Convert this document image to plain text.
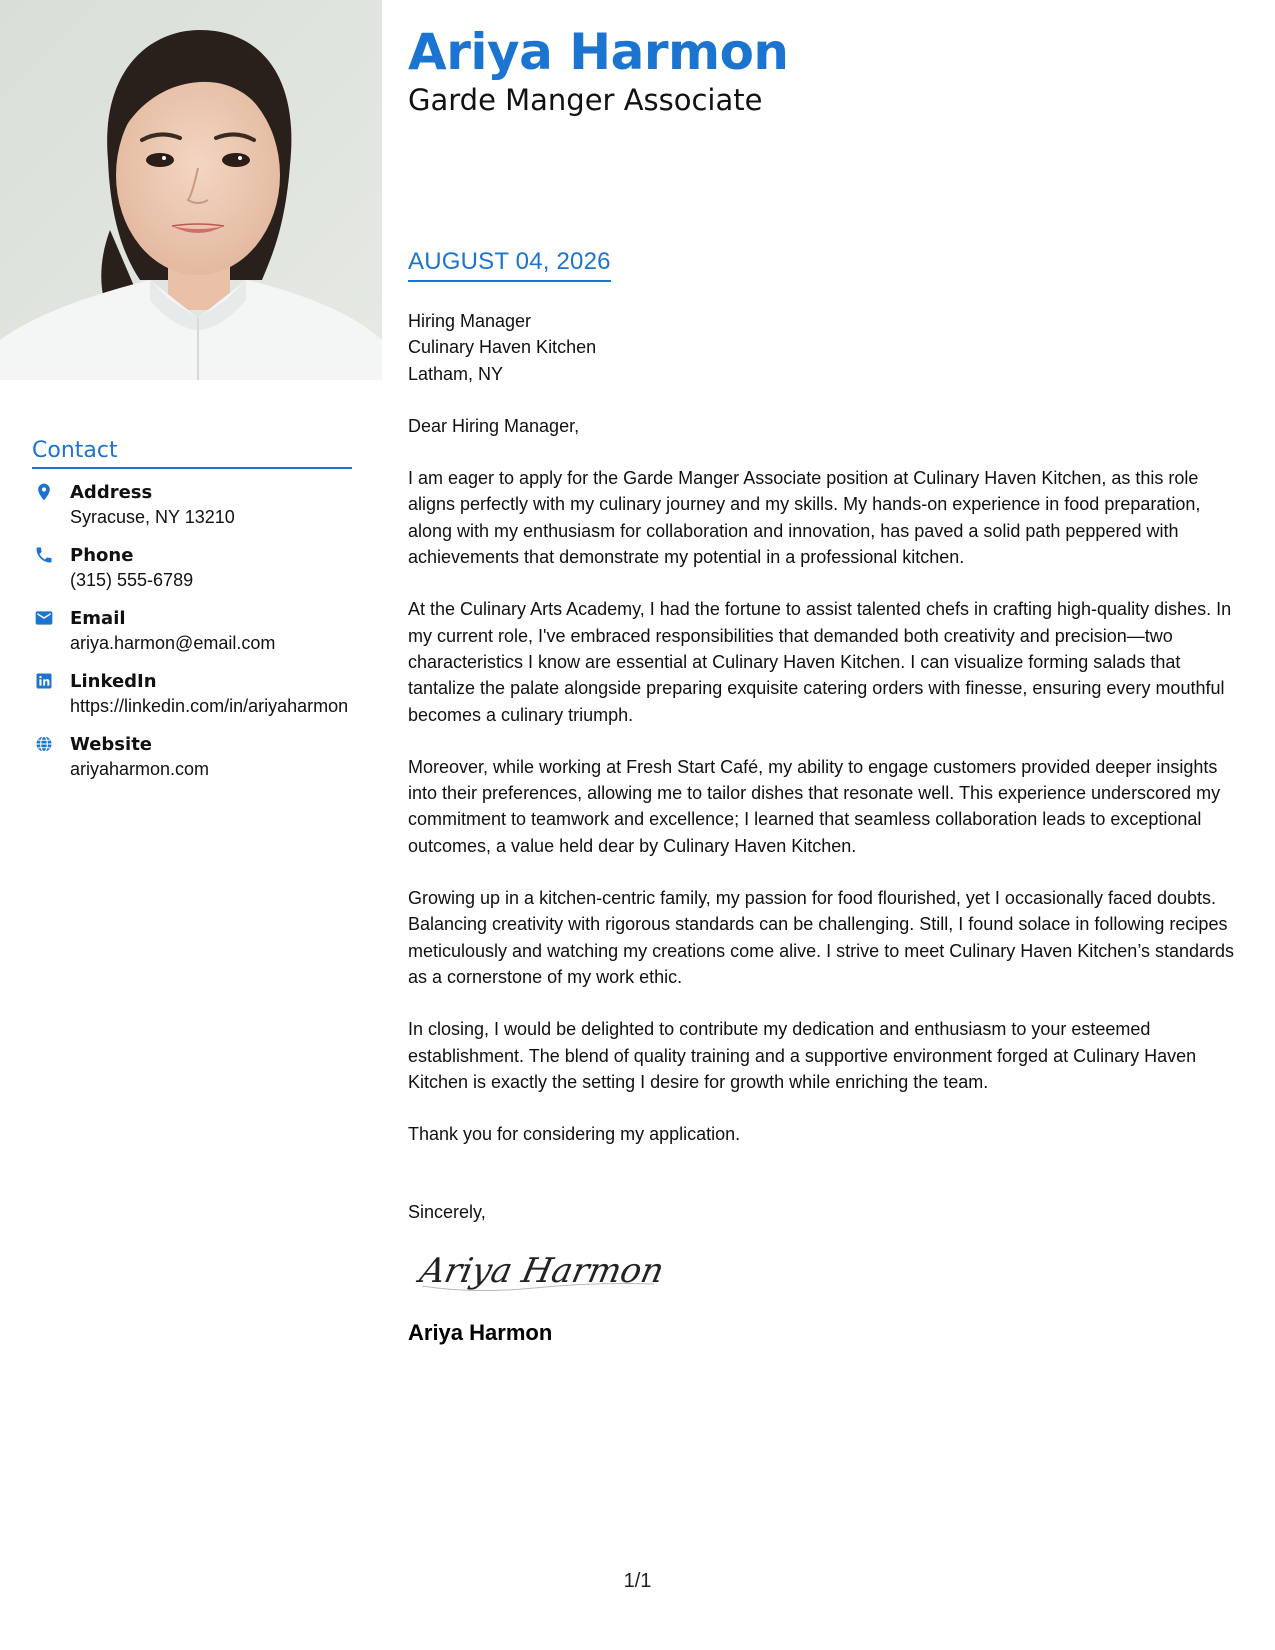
Contact
Address
Syracuse, NY 13210
Phone
(315) 555-6789
Email
ariya.harmon@email.com
LinkedIn
https://linkedin.com/in/ariyaharmon
Website
ariyaharmon.com
Ariya Harmon
Garde Manger Associate
AUGUST 04, 2026

Hiring Manager
Culinary Haven Kitchen
Latham, NY

Dear Hiring Manager,

I am eager to apply for the Garde Manger Associate position at Culinary Haven Kitchen, as this role aligns perfectly with my culinary journey and my skills. My hands-on experience in food preparation, along with my enthusiasm for collaboration and innovation, has paved a solid path peppered with achievements that demonstrate my potential in a professional kitchen.

At the Culinary Arts Academy, I had the fortune to assist talented chefs in crafting high-quality dishes. In my current role, I've embraced responsibilities that demanded both creativity and precision—two characteristics I know are essential at Culinary Haven Kitchen. I can visualize forming salads that tantalize the palate alongside preparing exquisite catering orders with finesse, ensuring every mouthful becomes a culinary triumph.

Moreover, while working at Fresh Start Café, my ability to engage customers provided deeper insights into their preferences, allowing me to tailor dishes that resonate well. This experience underscored my commitment to teamwork and excellence; I learned that seamless collaboration leads to exceptional outcomes, a value held dear by Culinary Haven Kitchen.

Growing up in a kitchen-centric family, my passion for food flourished, yet I occasionally faced doubts. Balancing creativity with rigorous standards can be challenging. Still, I found solace in following recipes meticulously and watching my creations come alive. I strive to meet Culinary Haven Kitchen’s standards as a cornerstone of my work ethic.

In closing, I would be delighted to contribute my dedication and enthusiasm to your esteemed establishment. The blend of quality training and a supportive environment forged at Culinary Haven Kitchen is exactly the setting I desire for growth while enriching the team.

Thank you for considering my application.

Sincerely,

Ariya Harmon

Ariya Harmon

1/1
